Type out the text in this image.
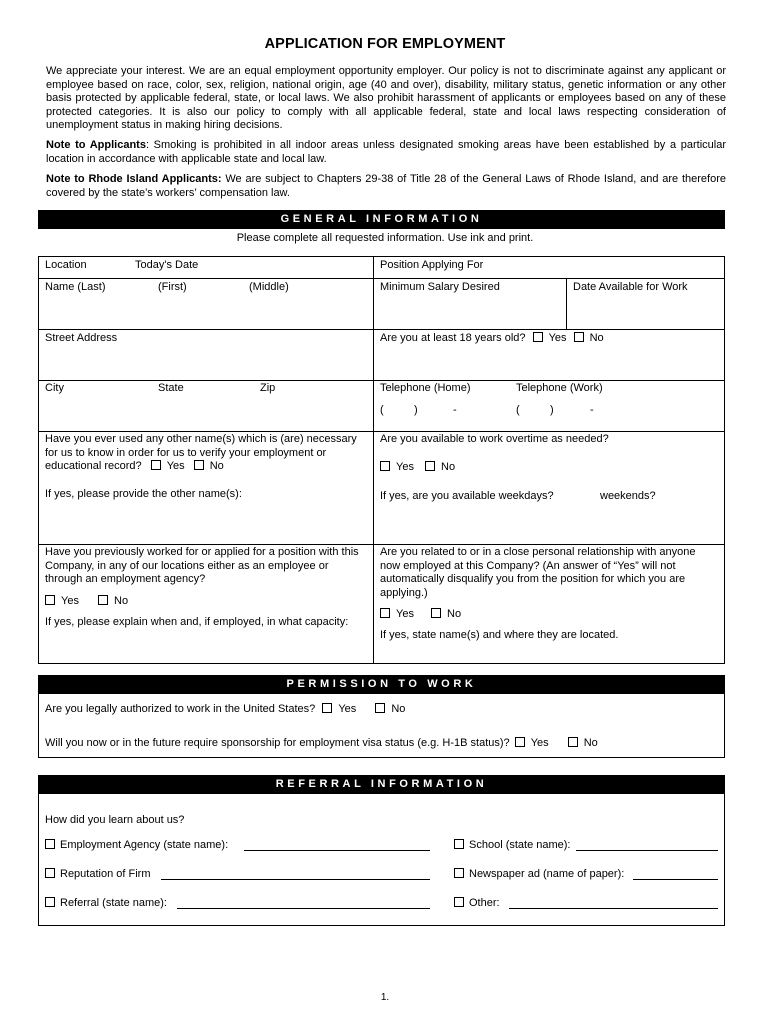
APPLICATION FOR EMPLOYMENT
We appreciate your interest. We are an equal employment opportunity employer. Our policy is not to discriminate against any applicant or employee based on race, color, sex, religion, national origin, age (40 and over), disability, military status, genetic information or any other basis protected by applicable federal, state, or local laws. We also prohibit harassment of applicants or employees based on any of these protected categories. It is also our policy to comply with all applicable federal, state and local laws respecting consideration of unemployment status in making hiring decisions.
Note to Applicants: Smoking is prohibited in all indoor areas unless designated smoking areas have been established by a particular location in accordance with applicable state and local law.
Note to Rhode Island Applicants: We are subject to Chapters 29-38 of Title 28 of the General Laws of Rhode Island, and are therefore covered by the state’s workers’ compensation law.
GENERAL INFORMATION
Please complete all requested information. Use ink and print.
Location	Today's Date	Position Applying For
Name (Last)	(First)	(Middle)	Minimum Salary Desired	Date Available for Work
Street Address	Are you at least 18 years old? Yes No
City	State	Zip	Telephone (Home)	Telephone (Work)
(	)	-	(	)	-
Have you ever used any other name(s) which is (are) necessary for us to know in order for us to verify your employment or educational record? Yes No
If yes, please provide the other name(s):
Are you available to work overtime as needed?
Yes No
If yes, are you available weekdays?	weekends?
Have you previously worked for or applied for a position with this Company, in any of our locations either as an employee or through an employment agency?
Yes	No
If yes, please explain when and, if employed, in what capacity:
Are you related to or in a close personal relationship with anyone now employed at this Company? (An answer of “Yes” will not automatically disqualify you from the position for which you are applying.)
Yes	No
If yes, state name(s) and where they are located.
PERMISSION TO WORK
Are you legally authorized to work in the United States? Yes	No
Will you now or in the future require sponsorship for employment visa status (e.g. H-1B status)? Yes	No
REFERRAL INFORMATION
How did you learn about us?
Employment Agency (state name):	School (state name):
Reputation of Firm	Newspaper ad (name of paper):
Referral (state name):	Other:
1.
